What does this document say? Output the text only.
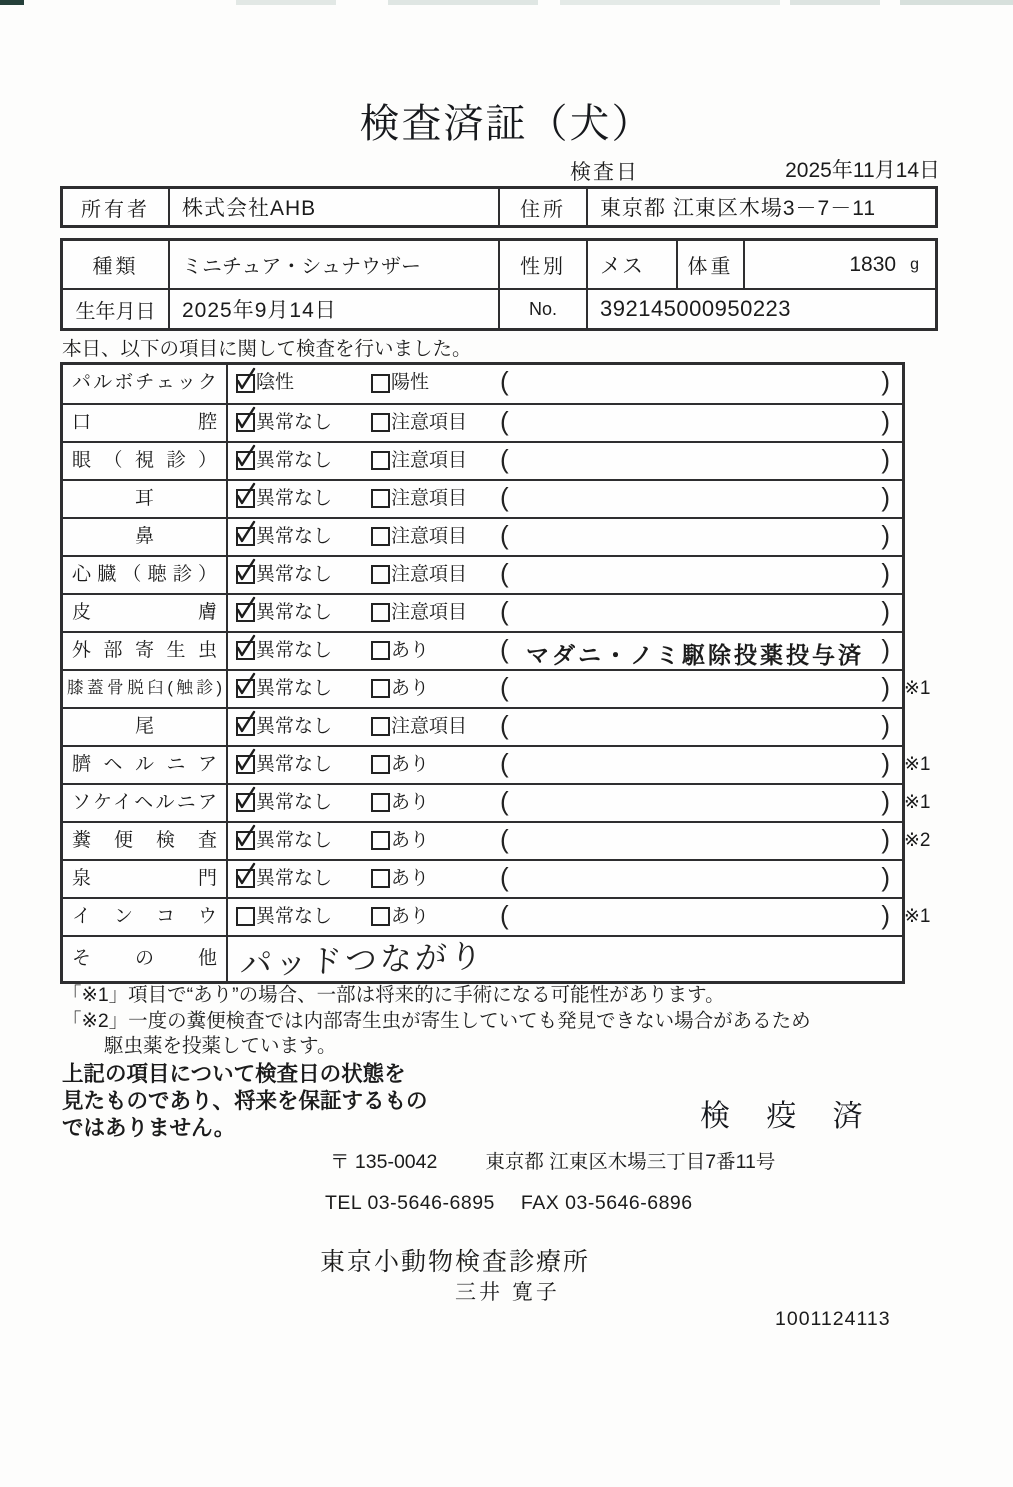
検査済証（犬）
検査日	2025年11月14日
所有者	株式会社AHB	住所	東京都 江東区木場3－7－11
種類	ミニチュア・シュナウザー	性別	メス	体重	1830 g
生年月日	2025年9月14日	No.	392145000950223
本日、以下の項目に関して検査を行いました。
パルボチェック	陰性	陽性	(	)
口腔	異常なし	注意項目 (	)
眼（視診）	異常なし	注意項目 (	)
耳	異常なし	注意項目 (	)
鼻	異常なし	注意項目 (	)
心臓（聴診）	異常なし	注意項目 (	)
皮膚	異常なし	注意項目 (	)
外部寄生虫	異常なし	あり	( マダニ・ノミ駆除投薬投与済 )
膝蓋骨脱臼(触診)	異常なし	あり	(	) ※1
尾	異常なし	注意項目 (	)
臍ヘルニア	異常なし	あり	(	) ※1
ソケイヘルニア	異常なし	あり	(	) ※1
糞便検査	異常なし	あり	(	) ※2
泉門	異常なし	あり	(	)
インコウ	異常なし	あり	(	) ※1
その他 パッドつながり
「※1」項目で“あり”の場合、一部は将来的に手術になる可能性があります。
「※2」一度の糞便検査では内部寄生虫が寄生していても発見できない場合があるため
駆虫薬を投薬しています。
上記の項目について検査日の状態を
見たものであり、将来を保証するもの
ではありません。	検 疫 済
〒 135-0042 東京都 江東区木場三丁目7番11号
TEL 03-5646-6895 FAX 03-5646-6896
東京小動物検査診療所
三井 寛子
1001124113
